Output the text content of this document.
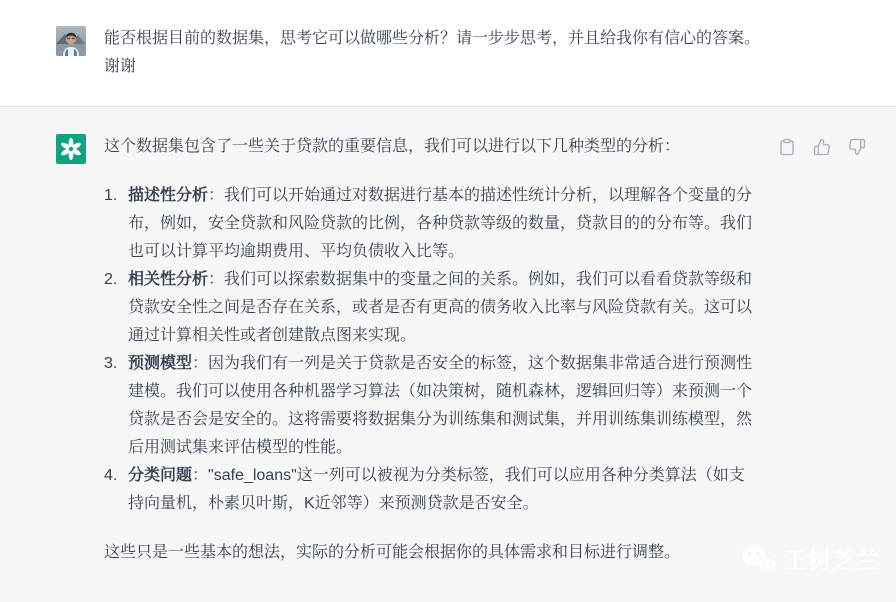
能否根据目前的数据集，思考它可以做哪些分析？请一步步思考，并且给我你有信心的答案。谢谢
这个数据集包含了一些关于贷款的重要信息，我们可以进行以下几种类型的分析：
1. 描述性分析：我们可以开始通过对数据进行基本的描述性统计分析，以理解各个变量的分布，例如，安全贷款和风险贷款的比例，各种贷款等级的数量，贷款目的的分布等。我们也可以计算平均逾期费用、平均负债收入比等。
2. 相关性分析：我们可以探索数据集中的变量之间的关系。例如，我们可以看看贷款等级和贷款安全性之间是否存在关系，或者是否有更高的债务收入比率与风险贷款有关。这可以通过计算相关性或者创建散点图来实现。
3. 预测模型：因为我们有一列是关于贷款是否安全的标签，这个数据集非常适合进行预测性建模。我们可以使用各种机器学习算法（如决策树，随机森林，逻辑回归等）来预测一个贷款是否会是安全的。这将需要将数据集分为训练集和测试集，并用训练集训练模型，然后用测试集来评估模型的性能。
4. 分类问题："safe_loans"这一列可以被视为分类标签，我们可以应用各种分类算法（如支持向量机，朴素贝叶斯，K近邻等）来预测贷款是否安全。
这些只是一些基本的想法，实际的分析可能会根据你的具体需求和目标进行调整。	王树芝兰
